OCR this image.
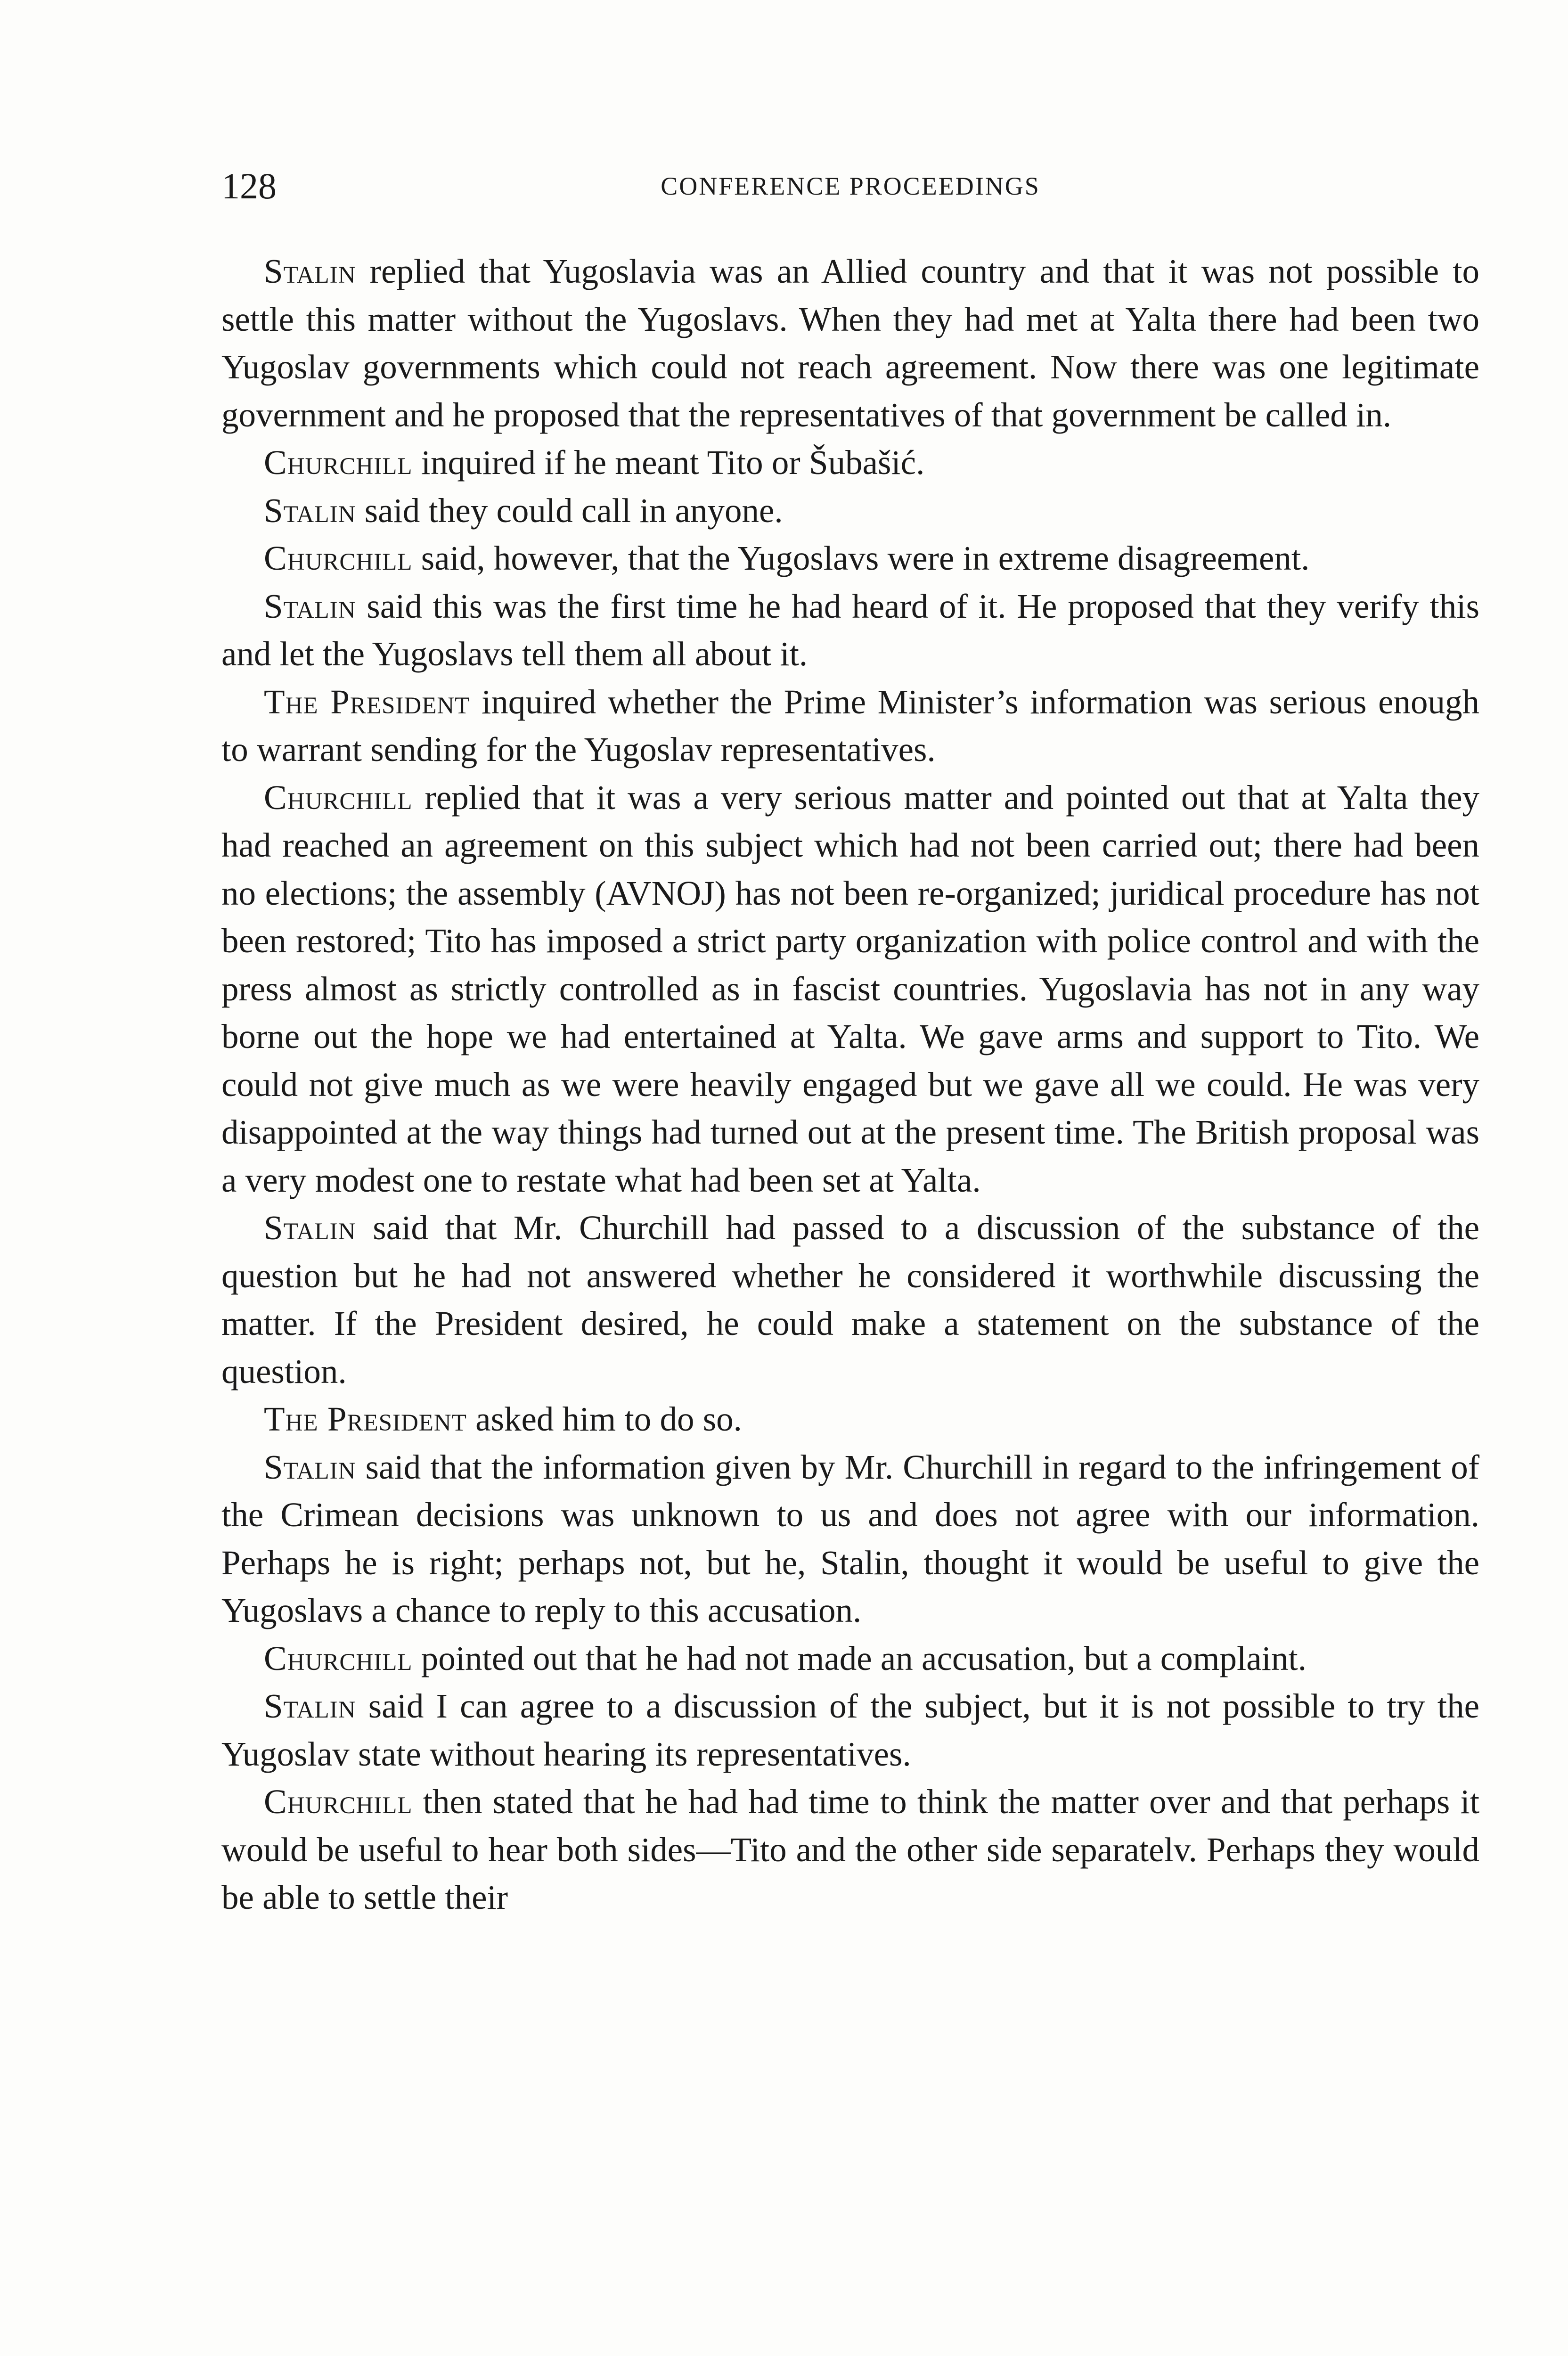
128	CONFERENCE PROCEEDINGS

Stalin replied that Yugoslavia was an Allied country and that it was not possible to settle this matter without the Yugoslavs. When they had met at Yalta there had been two Yugoslav governments which could not reach agreement. Now there was one legitimate government and he proposed that the representatives of that government be called in.

Churchill inquired if he meant Tito or Šubašić.

Stalin said they could call in anyone.

Churchill said, however, that the Yugoslavs were in extreme disagreement.

Stalin said this was the first time he had heard of it. He proposed that they verify this and let the Yugoslavs tell them all about it.

The President inquired whether the Prime Minister’s information was serious enough to warrant sending for the Yugoslav representatives.

Churchill replied that it was a very serious matter and pointed out that at Yalta they had reached an agreement on this subject which had not been carried out; there had been no elections; the assembly (AVNOJ) has not been re-organized; juridical procedure has not been restored; Tito has imposed a strict party organization with police control and with the press almost as strictly controlled as in fascist countries. Yugoslavia has not in any way borne out the hope we had entertained at Yalta. We gave arms and support to Tito. We could not give much as we were heavily engaged but we gave all we could. He was very disappointed at the way things had turned out at the present time. The British proposal was a very modest one to restate what had been set at Yalta.

Stalin said that Mr. Churchill had passed to a discussion of the substance of the question but he had not answered whether he considered it worthwhile discussing the matter. If the President desired, he could make a statement on the substance of the question.

The President asked him to do so.

Stalin said that the information given by Mr. Churchill in regard to the infringement of the Crimean decisions was unknown to us and does not agree with our information. Perhaps he is right; perhaps not, but he, Stalin, thought it would be useful to give the Yugoslavs a chance to reply to this accusation.

Churchill pointed out that he had not made an accusation, but a complaint.

Stalin said I can agree to a discussion of the subject, but it is not possible to try the Yugoslav state without hearing its representatives.

Churchill then stated that he had had time to think the matter over and that perhaps it would be useful to hear both sides—Tito and the other side separatelv. Perhaps they would be able to settle their
